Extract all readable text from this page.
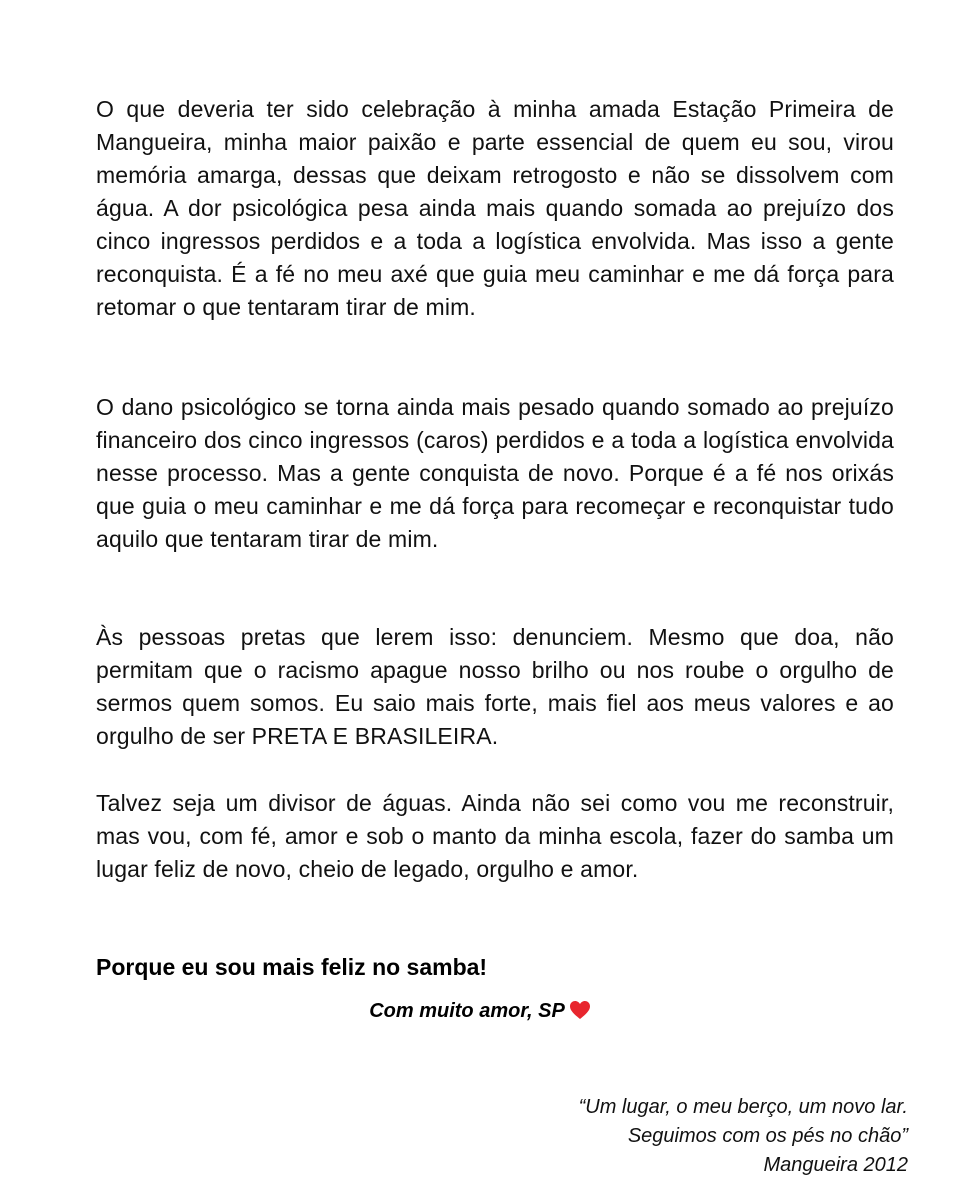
O que deveria ter sido celebração à minha amada Estação Primeira de Mangueira, minha maior paixão e parte essencial de quem eu sou, virou memória amarga, dessas que deixam retrogosto e não se dissolvem com água. A dor psicológica pesa ainda mais quando somada ao prejuízo dos cinco ingressos perdidos e a toda a logística envolvida. Mas isso a gente reconquista. É a fé no meu axé que guia meu caminhar e me dá força para retomar o que tentaram tirar de mim.

O dano psicológico se torna ainda mais pesado quando somado ao prejuízo financeiro dos cinco ingressos (caros) perdidos e a toda a logística envolvida nesse processo. Mas a gente conquista de novo. Porque é a fé nos orixás que guia o meu caminhar e me dá força para recomeçar e reconquistar tudo aquilo que tentaram tirar de mim.

Às pessoas pretas que lerem isso: denunciem. Mesmo que doa, não permitam que o racismo apague nosso brilho ou nos roube o orgulho de sermos quem somos. Eu saio mais forte, mais fiel aos meus valores e ao orgulho de ser PRETA E BRASILEIRA.

Talvez seja um divisor de águas. Ainda não sei como vou me reconstruir, mas vou, com fé, amor e sob o manto da minha escola, fazer do samba um lugar feliz de novo, cheio de legado, orgulho e amor.

Porque eu sou mais feliz no samba!

Com muito amor, SP
“Um lugar, o meu berço, um novo lar.
Seguimos com os pés no chão”
Mangueira 2012
